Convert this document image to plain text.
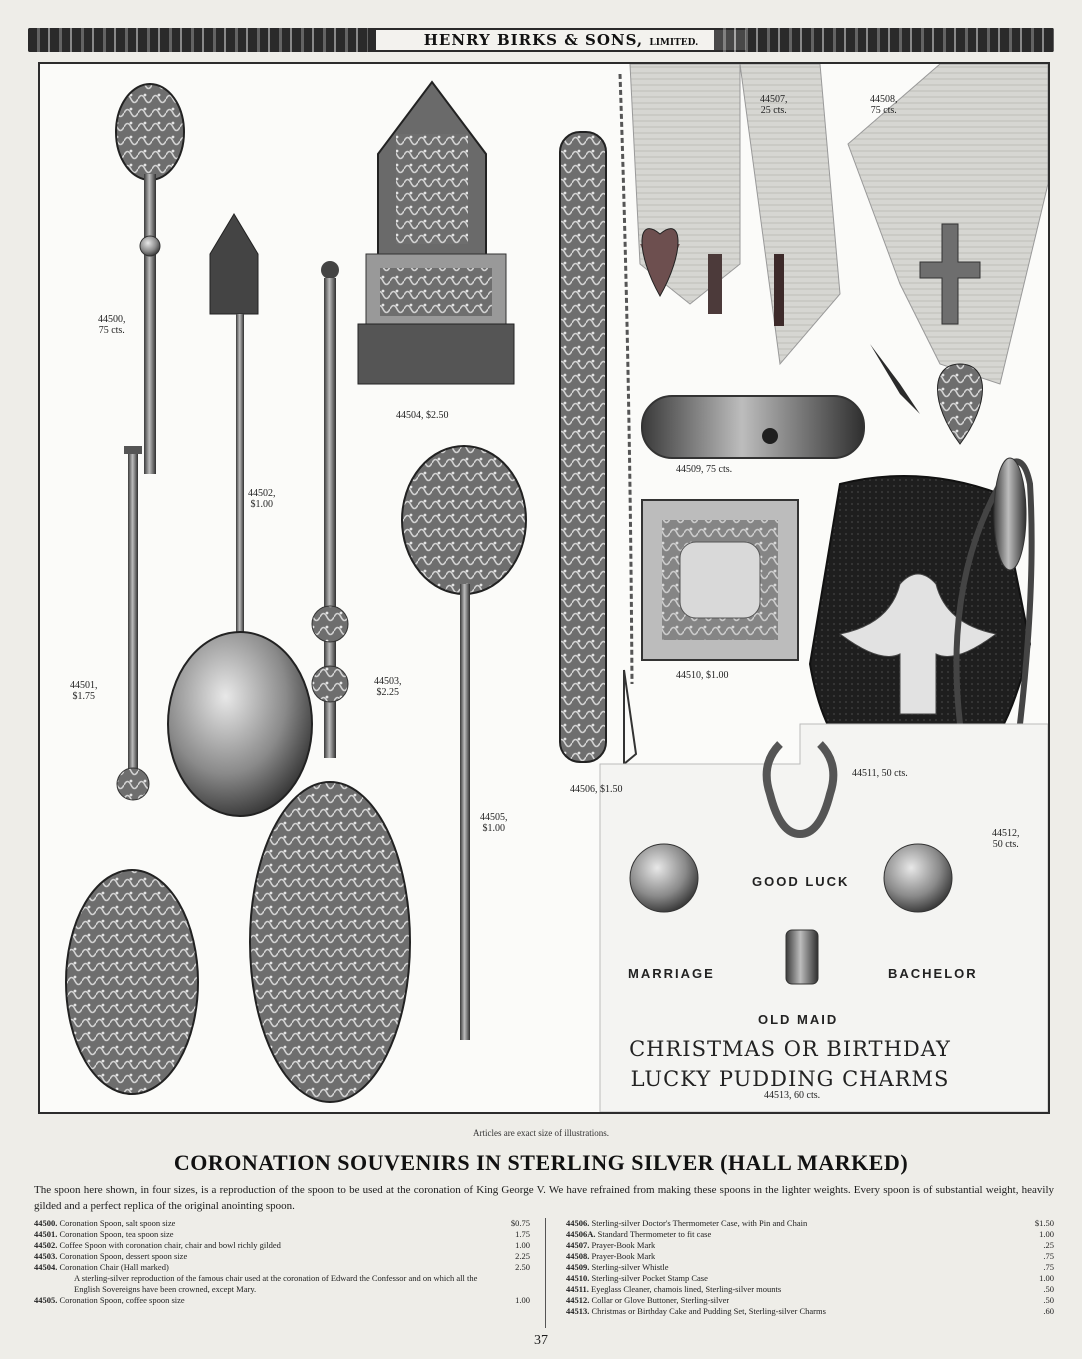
HENRY BIRKS & SONS, LIMITED.
44500,
75 cts.
44502,
$1.00
44501,
$1.75
44503,
$2.25
44504, $2.50
44505,
$1.00
44506, $1.50
44507,
25 cts.
44508,
75 cts.
44509, 75 cts.
44510, $1.00
44511, 50 cts.
44512,
50 cts.
GOOD LUCK
MARRIAGE	BACHELOR
OLD MAID
CHRISTMAS OR BIRTHDAY
LUCKY PUDDING CHARMS
44513, 60 cts.
Articles are exact size of illustrations.
CORONATION SOUVENIRS IN STERLING SILVER (HALL MARKED)
The spoon here shown, in four sizes, is a reproduction of the spoon to be used at the coronation of King George V. We have refrained from making these spoons in the lighter weights. Every spoon is of substantial weight, heavily gilded and a perfect replica of the original anointing spoon.
44500. Coronation Spoon, salt spoon size	$0.75
44501. Coronation Spoon, tea spoon size	1.75
44502. Coffee Spoon with coronation chair, chair and bowl richly gilded	1.00
44503. Coronation Spoon, dessert spoon size	2.25
44504. Coronation Chair (Hall marked)	2.50
A sterling-silver reproduction of the famous chair used at the coronation of Edward the Confessor and on which all the English Sovereigns have been crowned, except Mary.
44505. Coronation Spoon, coffee spoon size	1.00
44506. Sterling-silver Doctor's Thermometer Case, with Pin and Chain	$1.50
44506A. Standard Thermometer to fit case	1.00
44507. Prayer-Book Mark	.25
44508. Prayer-Book Mark	.75
44509. Sterling-silver Whistle	.75
44510. Sterling-silver Pocket Stamp Case	1.00
44511. Eyeglass Cleaner, chamois lined, Sterling-silver mounts	.50
44512. Collar or Glove Buttoner, Sterling-silver	.50
44513. Christmas or Birthday Cake and Pudding Set, Sterling-silver Charms	.60
37
